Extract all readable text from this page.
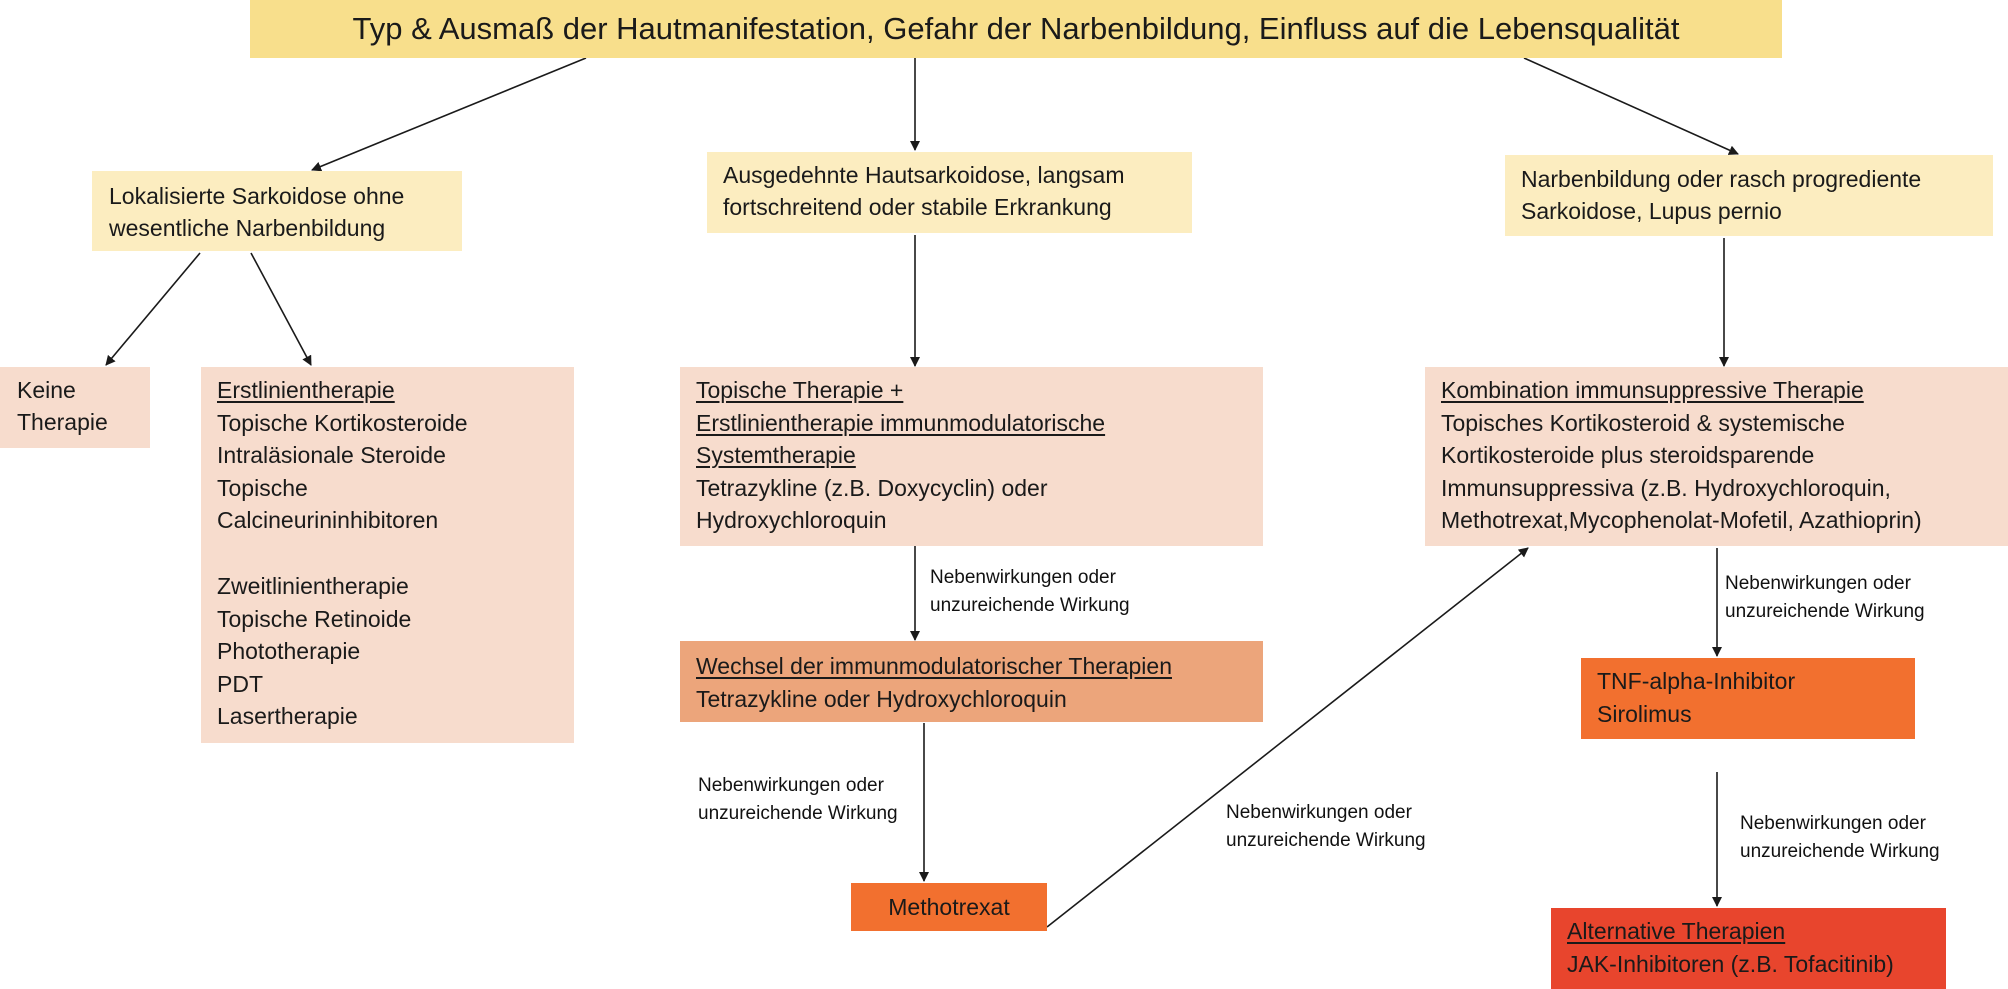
Typ & Ausmaß der Hautmanifestation, Gefahr der Narbenbildung, Einfluss auf die Lebensqualität
Lokalisierte Sarkoidose ohne
wesentliche Narbenbildung
Ausgedehnte Hautsarkoidose, langsam
fortschreitend oder stabile Erkrankung
Narbenbildung oder rasch progrediente
Sarkoidose, Lupus pernio
Keine
Therapie
Erstlinientherapie
Topische Kortikosteroide
Intraläsionale Steroide
Topische
Calcineurininhibitoren
Zweitlinientherapie
Topische Retinoide
Phototherapie
PDT
Lasertherapie
Topische Therapie +
Erstlinientherapie immunmodulatorische
Systemtherapie
Tetrazykline (z.B. Doxycyclin) oder
Hydroxychloroquin
Wechsel der immunmodulatorischer Therapien
Tetrazykline oder Hydroxychloroquin
Methotrexat
Kombination immunsuppressive Therapie
Topisches Kortikosteroid & systemische
Kortikosteroide plus steroidsparende
Immunsuppressiva (z.B. Hydroxychloroquin,
Methotrexat,Mycophenolat-Mofetil, Azathioprin)
TNF-alpha-Inhibitor
Sirolimus
Alternative Therapien
JAK-Inhibitoren (z.B. Tofacitinib)
Nebenwirkungen oder
unzureichende Wirkung
Nebenwirkungen oder
unzureichende Wirkung	Nebenwirkungen oder
unzureichende Wirkung
Nebenwirkungen oder
unzureichende Wirkung
Nebenwirkungen oder
unzureichende Wirkung
